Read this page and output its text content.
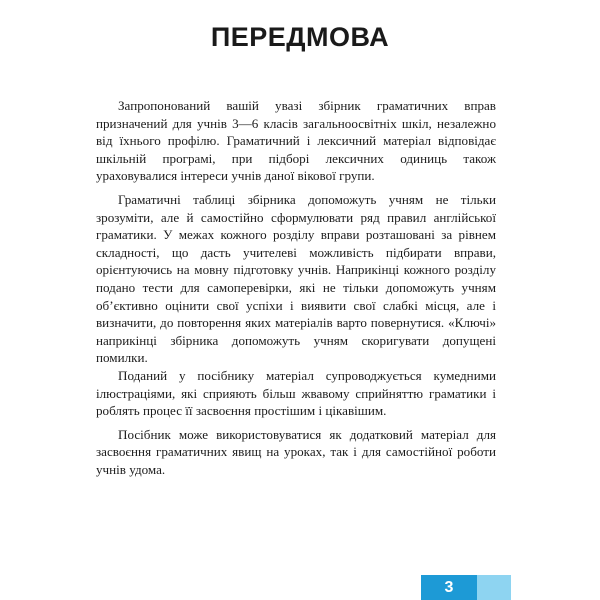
ПЕРЕДМОВА

Запропонований вашій увазі збірник граматичних вправ призначений для учнів 3—6 класів загальноосвітніх шкіл, незалежно від їхнього профілю. Граматичний і лексичний матеріал відповідає шкільній програмі, при підборі лексичних одиниць також ураховувалися інтереси учнів даної вікової групи.

Граматичні таблиці збірника допоможуть учням не тільки зрозуміти, але й самостійно сформулювати ряд правил англійської граматики. У межах кожного розділу вправи розташовані за рівнем складності, що дасть учителеві можливість підбирати вправи, орієнтуючись на мовну підготовку учнів. Наприкінці кожного розділу подано тести для самоперевірки, які не тільки допоможуть учням об’єктивно оцінити свої успіхи і виявити свої слабкі місця, але і визначити, до повторення яких матеріалів варто повернутися. «Ключі» наприкінці збірника допоможуть учням скоригувати допущені помилки.

Поданий у посібнику матеріал супроводжується кумедними ілюстраціями, які сприяють більш жвавому сприйняттю граматики і роблять процес її засвоєння простішим і цікавішим.

Посібник може використовуватися як додатковий матеріал для засвоєння граматичних явищ на уроках, так і для самостійної роботи учнів удома.

3
